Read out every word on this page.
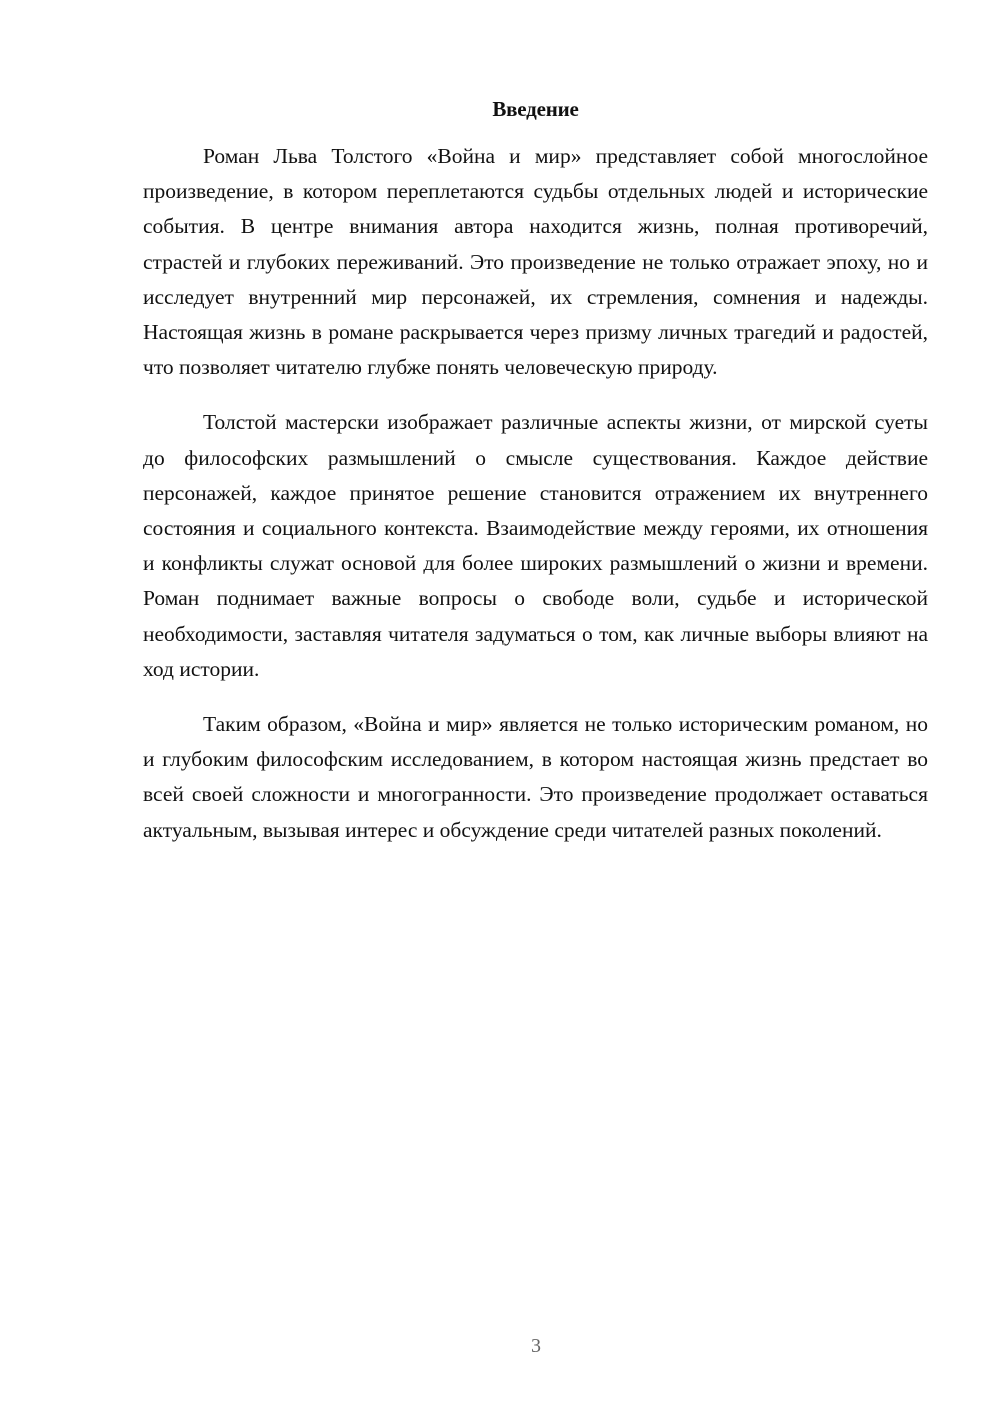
Введение

Роман Льва Толстого «Война и мир» представляет собой многослойное произведение, в котором переплетаются судьбы отдельных людей и исторические события. В центре внимания автора находится жизнь, полная противоречий, страстей и глубоких переживаний. Это произведение не только отражает эпоху, но и исследует внутренний мир персонажей, их стремления, сомнения и надежды. Настоящая жизнь в романе раскрывается через призму личных трагедий и радостей, что позволяет читателю глубже понять человеческую природу.

Толстой мастерски изображает различные аспекты жизни, от мирской суеты до философских размышлений о смысле существования. Каждое действие персонажей, каждое принятое решение становится отражением их внутреннего состояния и социального контекста. Взаимодействие между героями, их отношения и конфликты служат основой для более широких размышлений о жизни и времени. Роман поднимает важные вопросы о свободе воли, судьбе и исторической необходимости, заставляя читателя задуматься о том, как личные выборы влияют на ход истории.

Таким образом, «Война и мир» является не только историческим романом, но и глубоким философским исследованием, в котором настоящая жизнь предстает во всей своей сложности и многогранности. Это произведение продолжает оставаться актуальным, вызывая интерес и обсуждение среди читателей разных поколений.

3
